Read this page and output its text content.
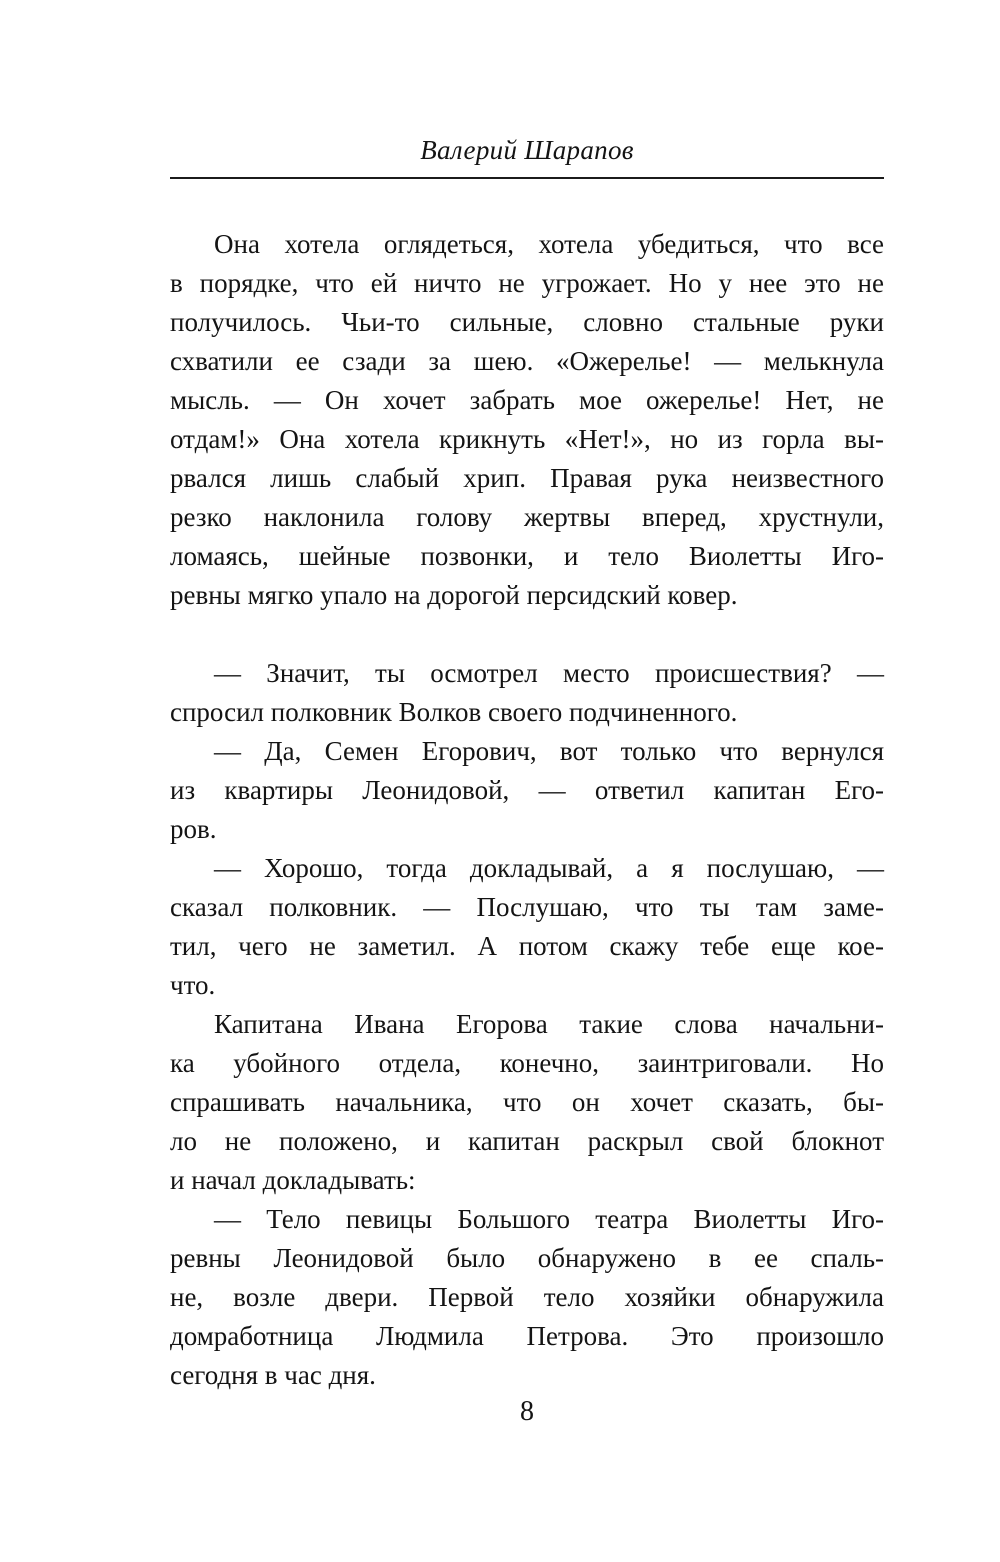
Валерий Шарапов
Она хотела оглядеться, хотела убедиться, что все
в порядке, что ей ничто не угрожает. Но у нее это не
получилось. Чьи-то сильные, словно стальные руки
схватили ее сзади за шею. «Ожерелье! — мелькнула
мысль. — Он хочет забрать мое ожерелье! Нет, не
отдам!» Она хотела крикнуть «Нет!», но из горла вы-
рвался лишь слабый хрип. Правая рука неизвестного
резко наклонила голову жертвы вперед, хрустнули,
ломаясь, шейные позвонки, и тело Виолетты Иго-
ревны мягко упало на дорогой персидский ковер.
— Значит, ты осмотрел место происшествия? —
спросил полковник Волков своего подчиненного.
— Да, Семен Егорович, вот только что вернулся
из квартиры Леонидовой, — ответил капитан Его-
ров.
— Хорошо, тогда докладывай, а я послушаю, —
сказал полковник. — Послушаю, что ты там заме-
тил, чего не заметил. А потом скажу тебе еще кое-
что.
Капитана Ивана Егорова такие слова начальни-
ка убойного отдела, конечно, заинтриговали. Но
спрашивать начальника, что он хочет сказать, бы-
ло не положено, и капитан раскрыл свой блокнот
и начал докладывать:
— Тело певицы Большого театра Виолетты Иго-
ревны Леонидовой было обнаружено в ее спаль-
не, возле двери. Первой тело хозяйки обнаружила
домработница Людмила Петрова. Это произошло
сегодня в час дня.
8
